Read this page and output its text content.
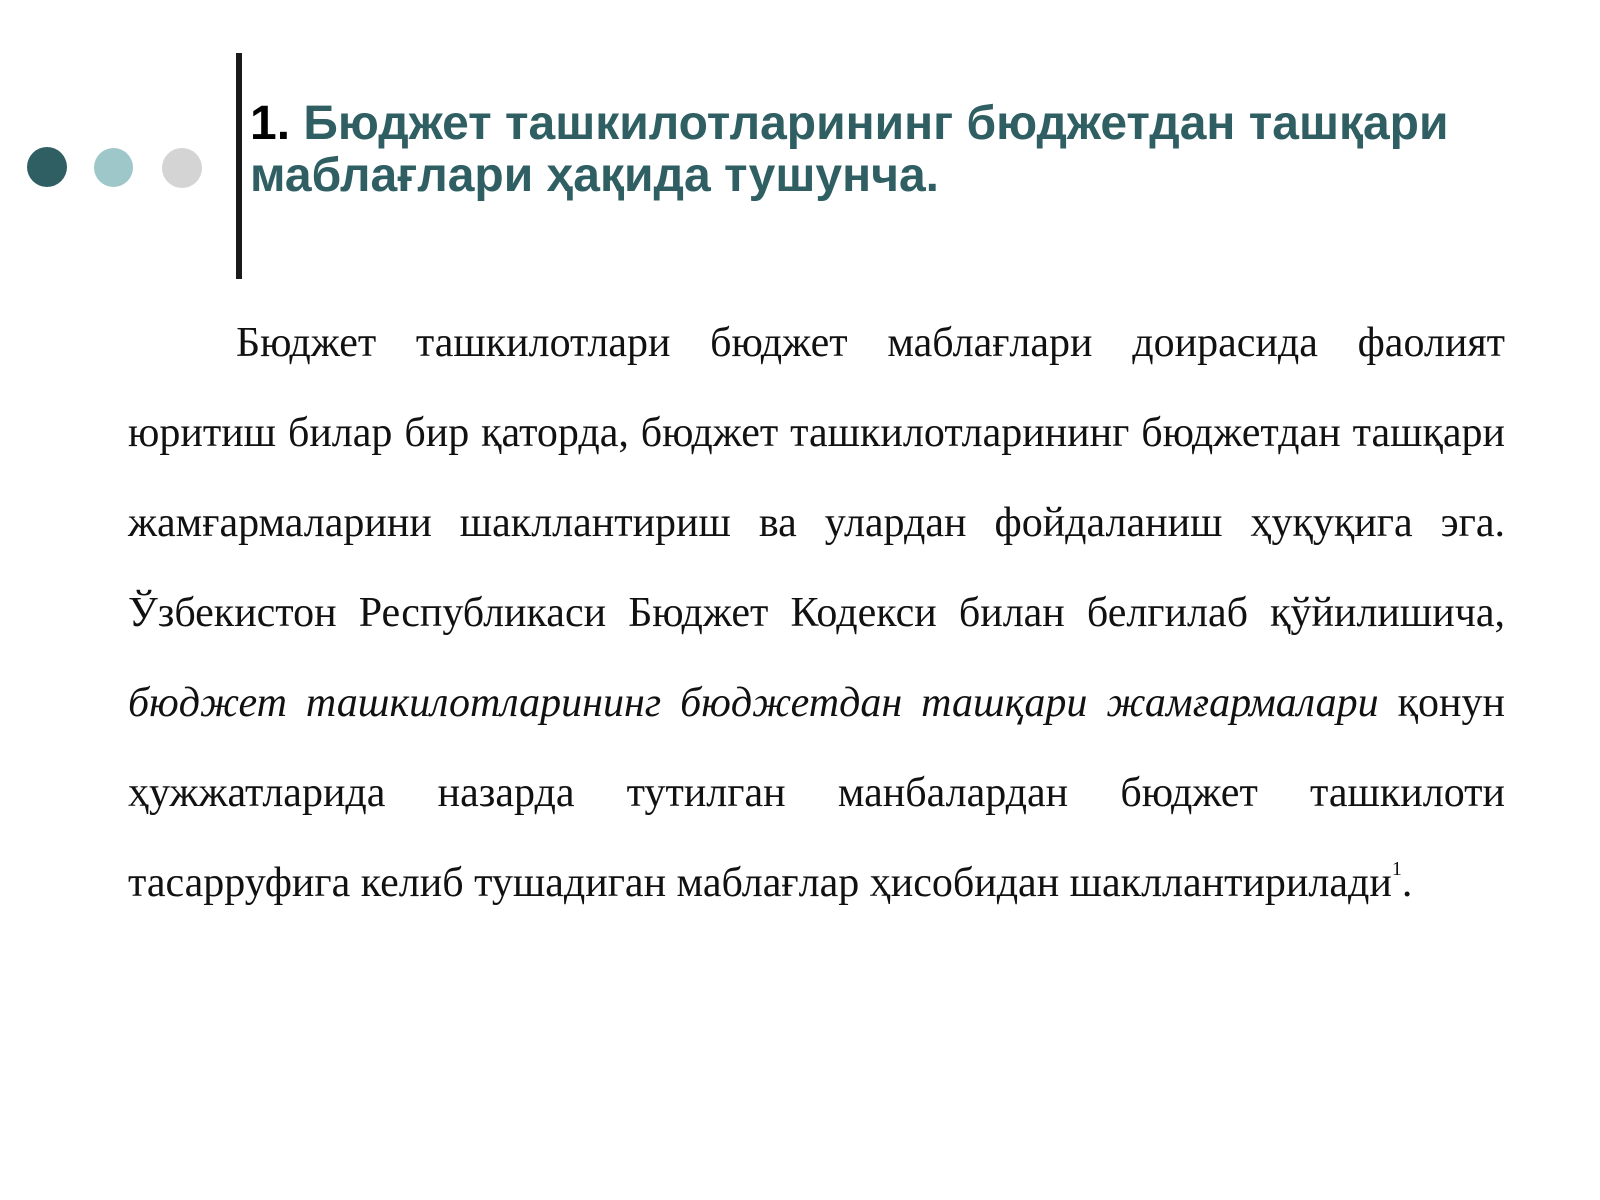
1. Бюджет ташкилотларининг бюджетдан ташқари маблағлари ҳақида тушунча.

Бюджет ташкилотлари бюджет маблағлари доирасида фаолият юритиш билар бир қаторда, бюджет ташкилотларининг бюджетдан ташқари жамғармаларини шакллантириш ва улардан фойдаланиш ҳуқуқига эга. Ўзбекистон Республикаси Бюджет Кодекси билан белгилаб қўйилишича, бюджет ташкилотларининг бюджетдан ташқари жамғармалари қонун ҳужжатларида назарда тутилган манбалардан бюджет ташкилоти тасарруфига келиб тушадиган маблағлар ҳисобидан шакллантирилади$^1$.
